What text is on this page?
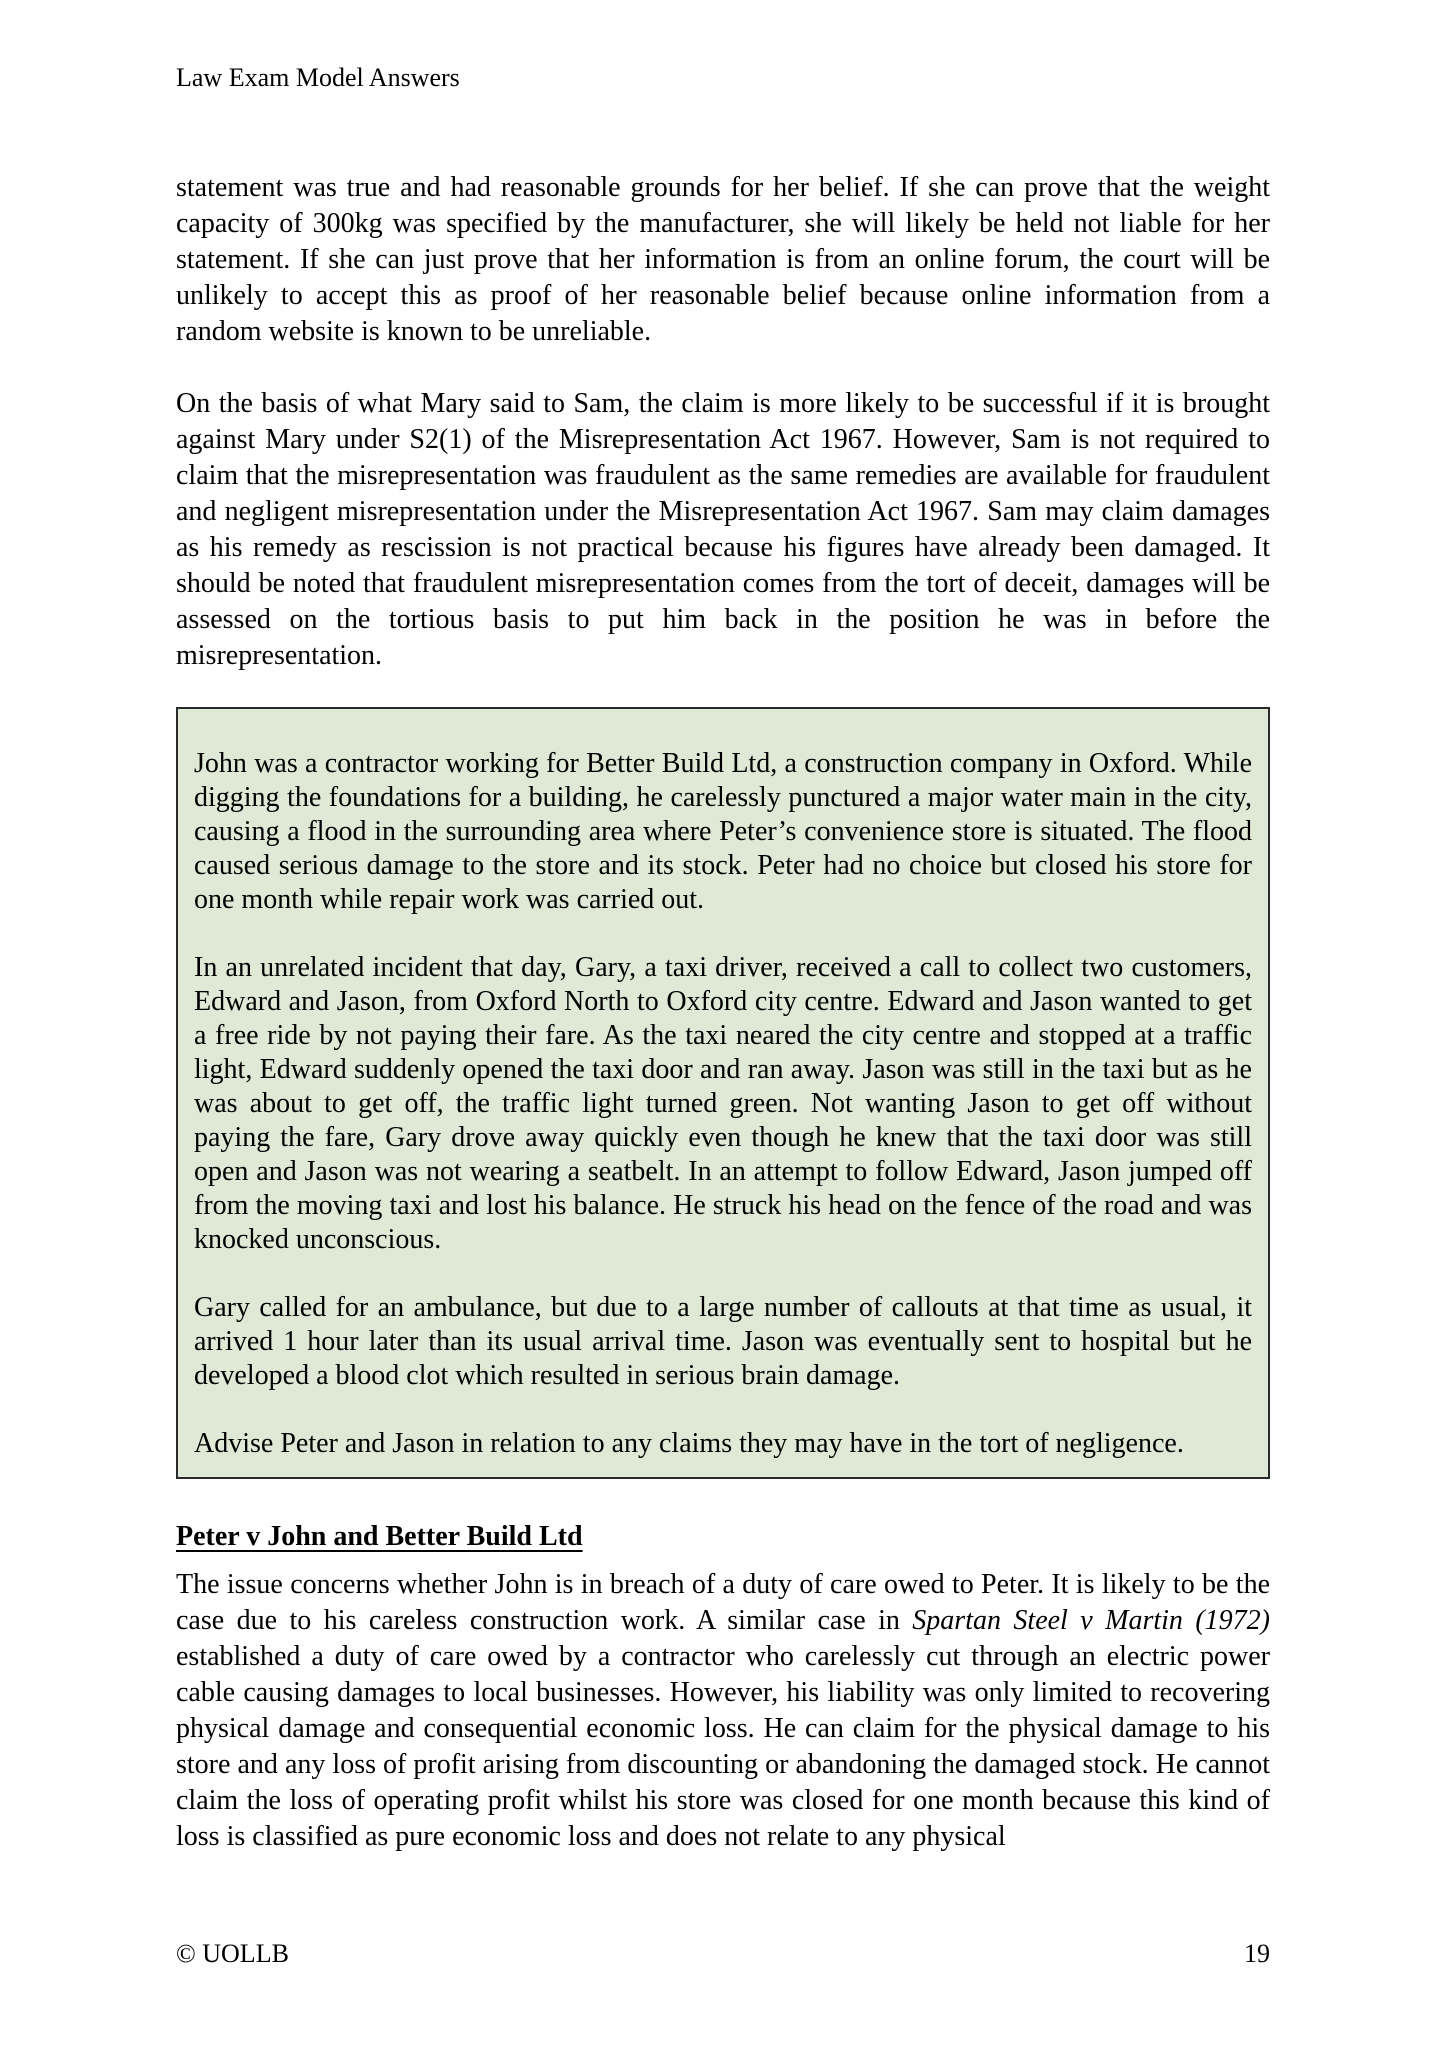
Law Exam Model Answers

statement was true and had reasonable grounds for her belief. If she can prove that the weight capacity of 300kg was specified by the manufacturer, she will likely be held not liable for her statement. If she can just prove that her information is from an online forum, the court will be unlikely to accept this as proof of her reasonable belief because online information from a random website is known to be unreliable.

On the basis of what Mary said to Sam, the claim is more likely to be successful if it is brought against Mary under S2(1) of the Misrepresentation Act 1967. However, Sam is not required to claim that the misrepresentation was fraudulent as the same remedies are available for fraudulent and negligent misrepresentation under the Misrepresentation Act 1967. Sam may claim damages as his remedy as rescission is not practical because his figures have already been damaged. It should be noted that fraudulent misrepresentation comes from the tort of deceit, damages will be assessed on the tortious basis to put him back in the position he was in before the misrepresentation.

John was a contractor working for Better Build Ltd, a construction company in Oxford. While digging the foundations for a building, he carelessly punctured a major water main in the city, causing a flood in the surrounding area where Peter’s convenience store is situated. The flood caused serious damage to the store and its stock. Peter had no choice but closed his store for one month while repair work was carried out.

In an unrelated incident that day, Gary, a taxi driver, received a call to collect two customers, Edward and Jason, from Oxford North to Oxford city centre. Edward and Jason wanted to get a free ride by not paying their fare. As the taxi neared the city centre and stopped at a traffic light, Edward suddenly opened the taxi door and ran away. Jason was still in the taxi but as he was about to get off, the traffic light turned green. Not wanting Jason to get off without paying the fare, Gary drove away quickly even though he knew that the taxi door was still open and Jason was not wearing a seatbelt. In an attempt to follow Edward, Jason jumped off from the moving taxi and lost his balance. He struck his head on the fence of the road and was knocked unconscious.

Gary called for an ambulance, but due to a large number of callouts at that time as usual, it arrived 1 hour later than its usual arrival time. Jason was eventually sent to hospital but he developed a blood clot which resulted in serious brain damage.

Advise Peter and Jason in relation to any claims they may have in the tort of negligence.

Peter v John and Better Build Ltd

The issue concerns whether John is in breach of a duty of care owed to Peter. It is likely to be the case due to his careless construction work. A similar case in Spartan Steel v Martin (1972) established a duty of care owed by a contractor who carelessly cut through an electric power cable causing damages to local businesses. However, his liability was only limited to recovering physical damage and consequential economic loss. He can claim for the physical damage to his store and any loss of profit arising from discounting or abandoning the damaged stock. He cannot claim the loss of operating profit whilst his store was closed for one month because this kind of loss is classified as pure economic loss and does not relate to any physical

© UOLLB	19
